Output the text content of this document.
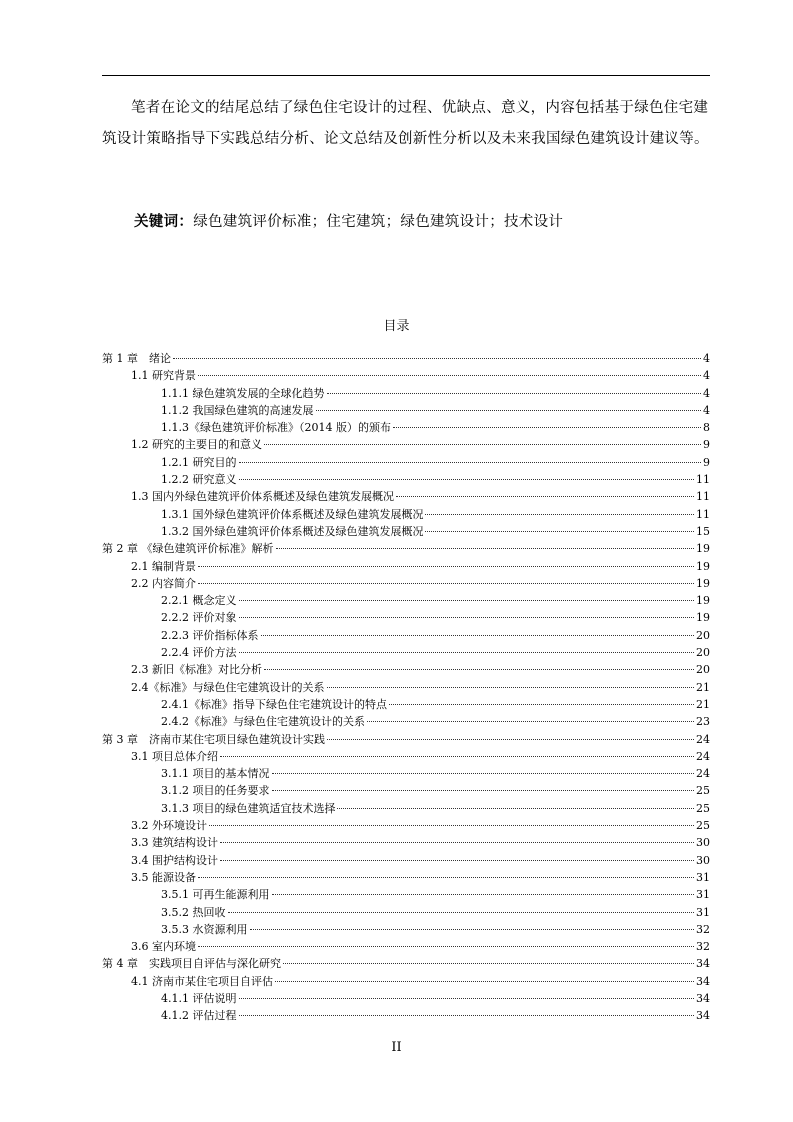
笔者在论文的结尾总结了绿色住宅设计的过程、优缺点、意义，内容包括基于绿色住宅建筑设计策略指导下实践总结分析、论文总结及创新性分析以及未来我国绿色建筑设计建议等。

关键词：绿色建筑评价标准；住宅建筑；绿色建筑设计；技术设计
目录
第 1 章　绪论	4
1.1 研究背景	4
1.1.1 绿色建筑发展的全球化趋势	4
1.1.2 我国绿色建筑的高速发展	4
1.1.3《绿色建筑评价标准》（2014 版）的颁布	8
1.2 研究的主要目的和意义	9
1.2.1 研究目的	9
1.2.2 研究意义	11
1.3 国内外绿色建筑评价体系概述及绿色建筑发展概况	11
1.3.1 国外绿色建筑评价体系概述及绿色建筑发展概况	11
1.3.2 国外绿色建筑评价体系概述及绿色建筑发展概况	15
第 2 章 《绿色建筑评价标准》解析	19
2.1 编制背景	19
2.2 内容简介	19
2.2.1 概念定义	19
2.2.2 评价对象	19
2.2.3 评价指标体系	20
2.2.4 评价方法	20
2.3 新旧《标准》对比分析	20
2.4《标准》与绿色住宅建筑设计的关系	21
2.4.1《标准》指导下绿色住宅建筑设计的特点	21
2.4.2《标准》与绿色住宅建筑设计的关系	23
第 3 章　济南市某住宅项目绿色建筑设计实践	24
3.1 项目总体介绍	24
3.1.1 项目的基本情况	24
3.1.2 项目的任务要求	25
3.1.3 项目的绿色建筑适宜技术选择	25
3.2 外环境设计	25
3.3 建筑结构设计	30
3.4 围护结构设计	30
3.5 能源设备	31
3.5.1 可再生能源利用	31
3.5.2 热回收	31
3.5.3 水资源利用	32
3.6 室内环境	32
第 4 章　实践项目自评估与深化研究	34
4.1 济南市某住宅项目自评估	34
4.1.1 评估说明	34
4.1.2 评估过程	34
II
